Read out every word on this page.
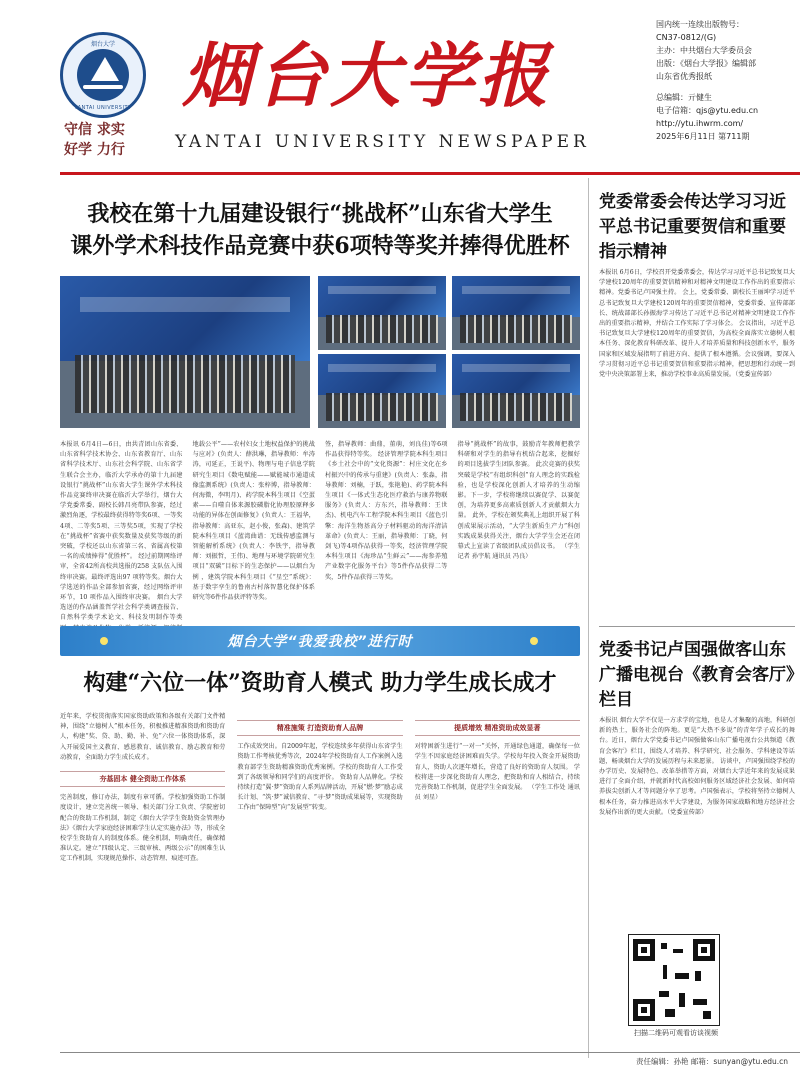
烟台大学
YANTAI UNIVERSITY
守信 求实
好学 力行
烟台大学报
YANTAI UNIVERSITY NEWSPAPER
国内统一连续出版物号：
CN37-0812/(G)
主办：中共烟台大学委员会
出版：《烟台大学报》编辑部
山东省优秀报纸
总编辑：亓健生
电子信箱：qjs@ytu.edu.cn
http://ytu.ihwrm.com/
2025年6月11日 第711期
我校在第十九届建设银行“挑战杯”山东省大学生
课外学术科技作品竞赛中获6项特等奖并捧得优胜杯
本报讯 6月4日—6日，由共青团山东省委、山东省科学技术协会、山东省教育厅、山东省科学技术厅、山东社会科学院、山东省学生联合会主办，临沂大学承办的第十九届建设银行“挑战杯”山东省大学生课外学术科技作品竞赛终审决赛在临沂大学举行，烟台大学党委常委、副校长韩昌亮带队参赛，经过激烈角逐，学校最终获得特等奖6项、一等奖4项、二等奖5项、三等奖5项，实现了学校在“挑战杯”省赛中获奖数量及获奖等级的新突破，学校还以山东省第三名、省属高校第一名的成绩捧得“优胜杯”。 经过前期网络评审，全省42所高校共选报的258 支队伍入围终审决赛。最终评选出97 项特等奖。烟台大学选送的作品全部参加省赛，经过网络评审环节，10 项作品入围终审决赛。 烟台大学选送的作品涵盖哲学社会科学类调查报告、自然科学类学术论文、科技发明制作等类
地载公平”——农村妇女土地权益保护的挑战与应对》(负责人：薛洪琳，指导教师：牟涛涛，司延正，王说平)、物理与电子信息学院研究生项目《数电赋能——赋能城市通道成像监测系统》(负责人：张梓博，指导教师：何海微，李明月)、药学院本科生项目《空蛋素——自噬自体来源胶磷脂化协理胶原释多功能的异体在创面修复》(负责人：王福华，指导教师：高亚东，赵小俊，张森)、建筑学院本科生项目《蓝湾曲谱：无线传感监测与智能解析系统》(负责人：李铁宇，指导教师：刘振哲，王伟)、地理与环境学院研究生项目“双碳”目标下的生态保护——以烟台为例 ，建筑学院本科生项目《“星空”系统》：基于数字孪生的鲁南古村落智慧化保护体系研究等6件作品获评特等奖。
签，指导教师：曲鼎，董萌，刘良佳)等6项作品获得特等奖。 经济管理学院本科生项目《乡土社会中的“文化资源”：村庄文化在乡村振兴中的传承与重建》(负责人：张淼，指导教师：刘楠，于跃，张艳艳)、药学院本科生项目《一体式生态化医疗救治与康养物联服务》(负责人：方东兴，指导教师：王世杰)、机电汽车工程学院本科生项目《蓝色引擎：海洋生物基高分子材料驱动的海洋清洁革命》(负责人：王丽，指导教师：丁晓，何剑飞)等4项作品获得一等奖，经济管理学院本科生项目《海珍品“生鲜云”——海参养殖产业数字化服务平台》等5件作品获得二等奖，5件作品获得三等奖。
指导“挑战杯”的故事，鼓励青年教师把教学科研和对学生的指导有机结合起来，挖掘好的项目选拔学生团队参赛。 此次竞赛的获奖突破是学校“有组织科创”育人理念的实践检验，也是学校深化创新人才培养的生动缩影。下一步，学校将继续以赛促学、以赛促创，为培养更多高素质创新人才贡献烟大力量。 此外，学校在颁奖典礼上组织开展了科创成果展示活动，“大学生新质生产力”科创实践成果获得关注，烟台大学学生会还在闭幕式上宣读了省级团队成员倡议书。 （学生记者 孙宇航 通讯员 冯良）
烟台大学“我爱我校”进行时
构建“六位一体”资助育人模式 助力学生成长成才
近年来，学校贯彻落实国家资助政策和各级有关部门文件精神，围绕“立德树人”根本任务，积极推进精准资助和资助育人，构建“奖、贷、助、勤、补、免”六位一体资助体系，深入开展爱国主义教育、感恩教育、诚信教育、励志教育和劳动教育，全面助力学生成长成才。
夯基固本 健全资助工作体系
完善制度，修订办法，制度有章可循。学校加强资助工作制度设计，建立完善统一领导、相关部门分工负责、学院密切配合的资助工作机制，制定《烟台大学学生资助资金管理办法》《烟台大学家庭经济困难学生认定实施办法》等，形成全校学生资助育人的制度体系。健全机制，明确责任，确保精准认定。建立“四级认定、三级审核、两级公示”的困难生认定工作机制，实现规范操作、动态管理、痕迹可查。
精准施策 打造资助育人品牌
工作成效突出。自2009年起，学校连续多年获得山东省学生资助工作考核优秀等次，2024年学校资助育人工作案例入选教育部学生资助精准资助优秀案例。学校的资助育人工作受到了各级领导和同学们的高度评价。 资助育人品牌化。学校持续打造“翼·梦”资助育人系列品牌活动，开展“燃·梦”励志成长计划、“筑·梦”诚信教育、“寻·梦”资助成果展等，实现资助工作由“保障型”向“发展型”转变。
提质增效 精准资助成效显著
对特困新生进行“一对一”关怀，开通绿色通道，确保每一位学生不因家庭经济困难而失学。学校每年投入资金开展资助育人，资助人次逐年增长，营造了良好的资助育人氛围。 学校将进一步深化资助育人理念，把资助和育人相结合，持续完善资助工作机制，促进学生全面发展。 （学生工作处 通讯员 刘星）
党委常委会传达学习习近平总书记重要贺信和重要指示精神
本报讯 6月6日，学校召开党委常委会，传达学习习近平总书记致复旦大学建校120周年的重要贺信精神和对精神文明建设工作作出的重要指示精神。党委书记卢国强主持。 会上，党委常委、副校长王丽坤学习近平总书记致复旦大学建校120周年的重要贺信精神，党委常委、宣传部部长、统战部部长孙振海学习传达了习近平总书记对精神文明建设工作作出的重要指示精神，并结合工作实际了学习体会。 会议指出，习近平总书记致复旦大学建校120周年的重要贺信，为高校全面落实立德树人根本任务、深化教育科研改革、提升人才培养质量和科技创新水平，服务国家和区域发展指明了前进方向、提供了根本遵循。会议强调，要深入学习贯彻习近平总书记重要贺信和重要指示精神，把思想和行动统一到党中央决策部署上来，推动学校事业高质量发展。（党委宣传部）
党委书记卢国强做客山东广播电视台《教育会客厅》栏目
本报讯 烟台大学不仅是一方求学的宝地，也是人才集聚的高地，科研创新的热土，服务社会的阵地。更是“大热不多说”的青年学子成长的舞台。近日，烟台大学党委书记卢国强做客山东广播电视台公共频道《教育会客厅》栏目，围绕人才培养、科学研究、社会服务、学科建设等话题，畅谈烟台大学的发展历程与未来愿景。 访谈中，卢国强围绕学校的办学历史、发展特色、改革举措等方面，对烟台大学近年来的发展成果进行了全面介绍，并就新时代高校如何服务区域经济社会发展、如何培养拔尖创新人才等问题分享了思考。卢国强表示，学校将坚持立德树人根本任务，奋力推进高水平大学建设，为服务国家战略和地方经济社会发展作出新的更大贡献。（党委宣传部）
扫描二维码可观看访谈视频
责任编辑：孙艳 邮箱：sunyan@ytu.edu.cn
